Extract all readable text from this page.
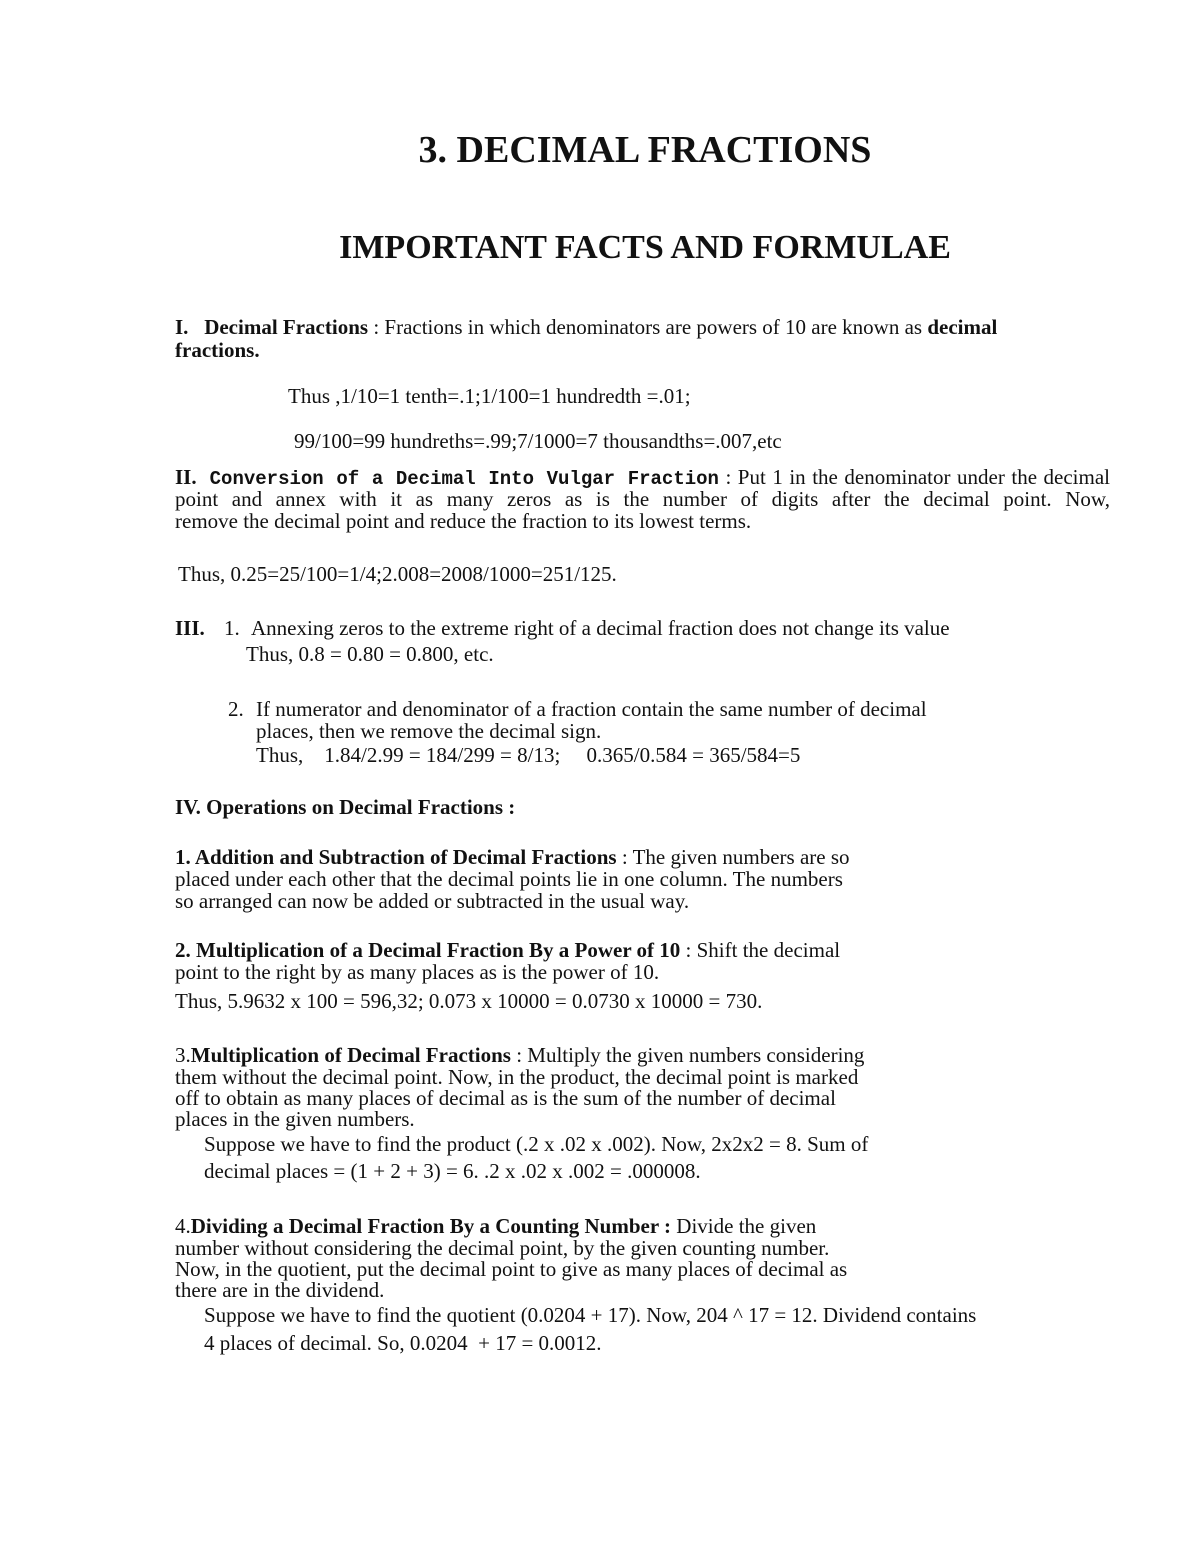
3. DECIMAL FRACTIONS
IMPORTANT FACTS AND FORMULAE
I. Decimal Fractions : Fractions in which denominators are powers of 10 are known as decimal
fractions.
Thus ,1/10=1 tenth=.1;1/100=1 hundredth =.01;
99/100=99 hundreths=.99;7/1000=7 thousandths=.007,etc
II. Conversion of a Decimal Into Vulgar Fraction : Put 1 in the denominator under the decimal
point and annex with it as many zeros as is the number of digits after the decimal point. Now,
remove the decimal point and reduce the fraction to its lowest terms.
Thus, 0.25=25/100=1/4;2.008=2008/1000=251/125.
III. 1. Annexing zeros to the extreme right of a decimal fraction does not change its value
Thus, 0.8 = 0.80 = 0.800, etc.
2. If numerator and denominator of a fraction contain the same number of decimal
places, then we remove the decimal sign.
Thus,    1.84/2.99 = 184/299 = 8/13;     0.365/0.584 = 365/584=5
IV. Operations on Decimal Fractions :
1. Addition and Subtraction of Decimal Fractions : The given numbers are so
placed under each other that the decimal points lie in one column. The numbers
so arranged can now be added or subtracted in the usual way.
2. Multiplication of a Decimal Fraction By a Power of 10 : Shift the decimal
point to the right by as many places as is the power of 10.
Thus, 5.9632 x 100 = 596,32; 0.073 x 10000 = 0.0730 x 10000 = 730.
3.Multiplication of Decimal Fractions : Multiply the given numbers considering
them without the decimal point. Now, in the product, the decimal point is marked
off to obtain as many places of decimal as is the sum of the number of decimal
places in the given numbers.
Suppose we have to find the product (.2 x .02 x .002). Now, 2x2x2 = 8. Sum of
decimal places = (1 + 2 + 3) = 6. .2 x .02 x .002 = .000008.
4.Dividing a Decimal Fraction By a Counting Number : Divide the given
number without considering the decimal point, by the given counting number.
Now, in the quotient, put the decimal point to give as many places of decimal as
there are in the dividend.
Suppose we have to find the quotient (0.0204 + 17). Now, 204 ^ 17 = 12. Dividend contains
4 places of decimal. So, 0.0204  + 17 = 0.0012.
